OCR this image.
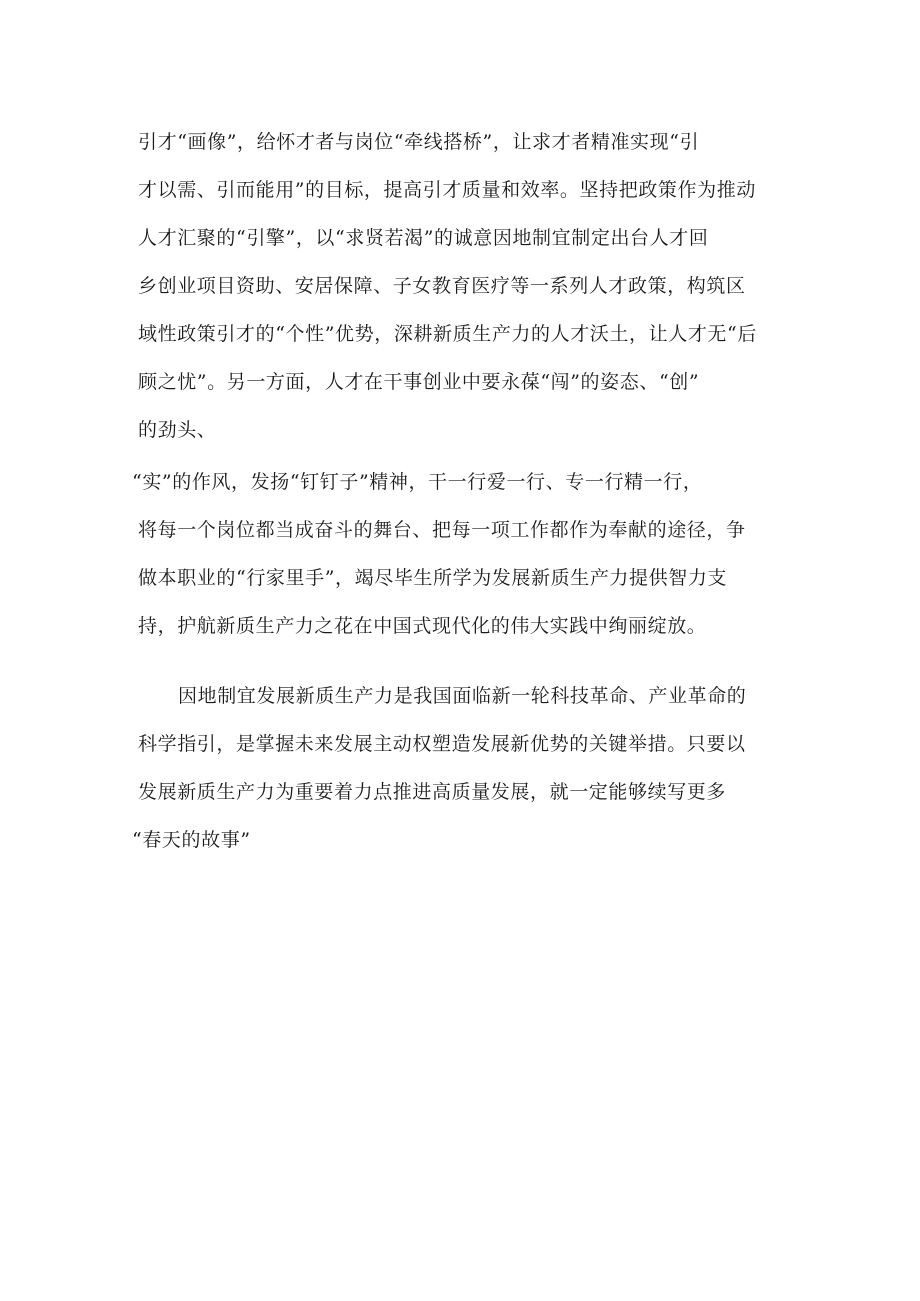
引才“画像”，给怀才者与岗位“牵线搭桥”，让求才者精准实现“引
才以需、引而能用”的目标，提高引才质量和效率。坚持把政策作为推动
人才汇聚的“引擎”，以“求贤若渴”的诚意因地制宜制定出台人才回
乡创业项目资助、安居保障、子女教育医疗等一系列人才政策，构筑区
域性政策引才的“个性”优势，深耕新质生产力的人才沃土，让人才无“后
顾之忧”。另一方面，人才在干事创业中要永葆“闯”的姿态、“创”
的劲头、
“实”的作风，发扬“钉钉子”精神，干一行爱一行、专一行精一行，
将每一个岗位都当成奋斗的舞台、把每一项工作都作为奉献的途径，争
做本职业的“行家里手”，竭尽毕生所学为发展新质生产力提供智力支
持，护航新质生产力之花在中国式现代化的伟大实践中绚丽绽放。
因地制宜发展新质生产力是我国面临新一轮科技革命、产业革命的
科学指引，是掌握未来发展主动权塑造发展新优势的关键举措。只要以
发展新质生产力为重要着力点推进高质量发展，就一定能够续写更多
“春天的故事”
